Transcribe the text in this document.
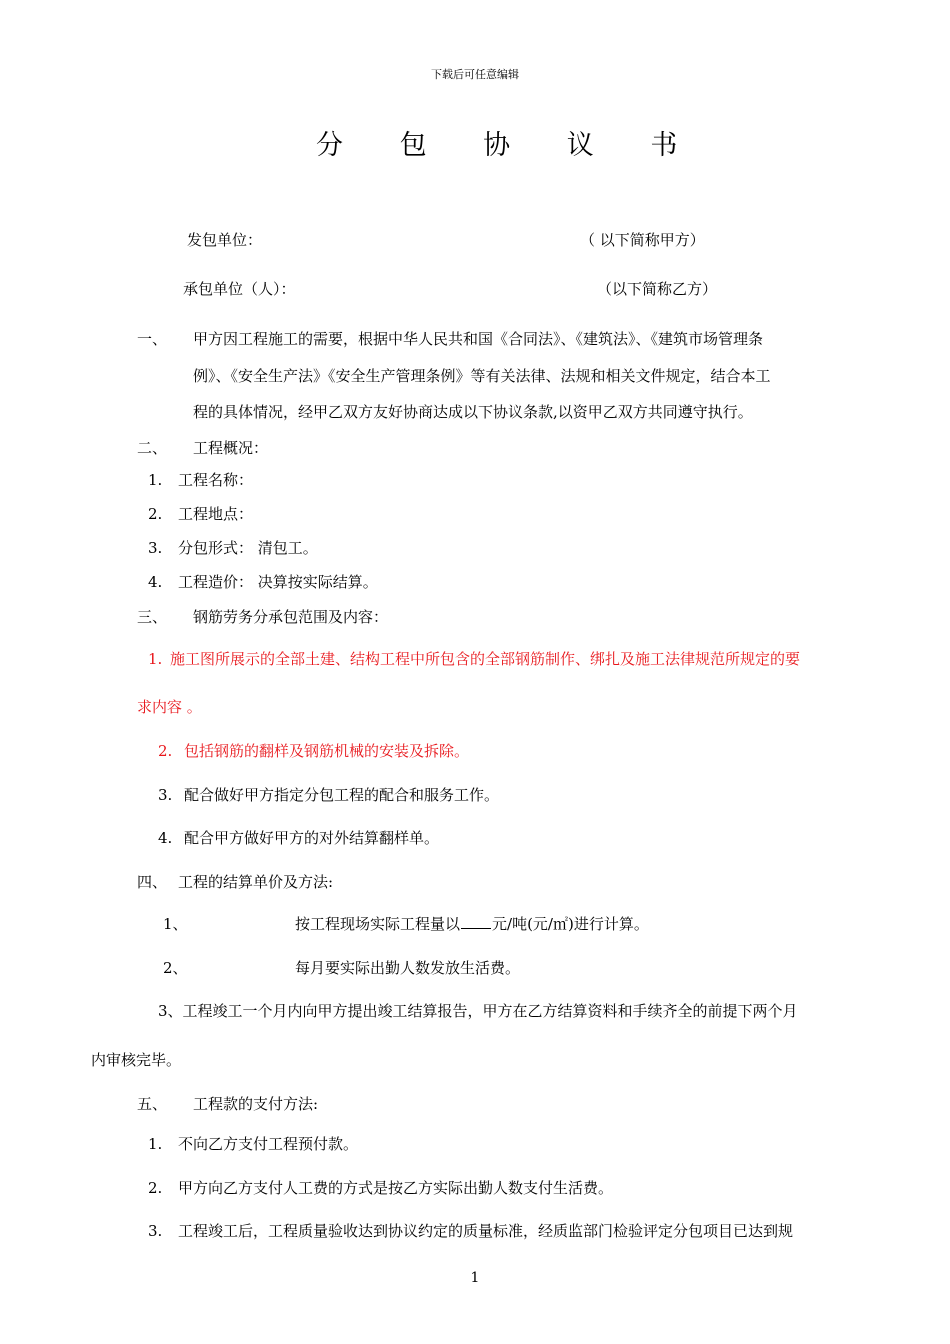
下载后可任意编辑
分 包 协 议 书
发包单位：	（ 以下简称甲方）
承包单位（人）：	（以下简称乙方）
一、 甲方因工程施工的需要，根据中华人民共和国《合同法》、《建筑法》、《建筑市场管理条
例》、《安全生产法》《安全生产管理条例》等有关法律、法规和相关文件规定，结合本工
程的具体情况，经甲乙双方友好协商达成以下协议条款,以资甲乙双方共同遵守执行。
二、 工程概况：
1. 工程名称：
2. 工程地点：
3. 分包形式： 清包工。
4. 工程造价： 决算按实际结算。
三、 钢筋劳务分承包范围及内容：
1. 施工图所展示的全部土建、结构工程中所包含的全部钢筋制作、绑扎及施工法律规范所规定的要
求内容 。
2. 包括钢筋的翻样及钢筋机械的安装及拆除。
3. 配合做好甲方指定分包工程的配合和服务工作。
4. 配合甲方做好甲方的对外结算翻样单。
四、 工程的结算单价及方法:
1、	按工程现场实际工程量以 元/吨(元/㎡)进行计算。
2、	每月要实际出勤人数发放生活费。
3、工程竣工一个月内向甲方提出竣工结算报告，甲方在乙方结算资料和手续齐全的前提下两个月
内审核完毕。
五、 工程款的支付方法:
1. 不向乙方支付工程预付款。
2. 甲方向乙方支付人工费的方式是按乙方实际出勤人数支付生活费。
3. 工程竣工后，工程质量验收达到协议约定的质量标准，经质监部门检验评定分包项目已达到规
1
